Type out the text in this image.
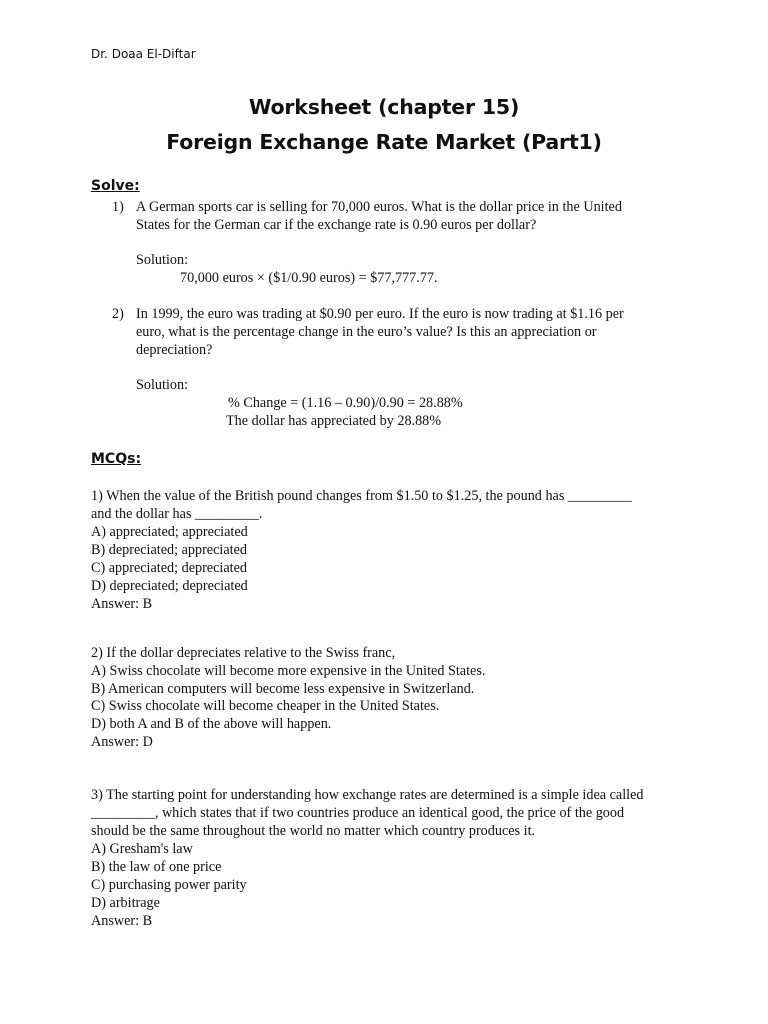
Dr. Doaa El-Diftar
Worksheet (chapter 15)
Foreign Exchange Rate Market (Part1)
Solve:
1) A German sports car is selling for 70,000 euros. What is the dollar price in the United
States for the German car if the exchange rate is 0.90 euros per dollar?
Solution:
70,000 euros × ($1/0.90 euros) = $77,777.77.
2) In 1999, the euro was trading at $0.90 per euro. If the euro is now trading at $1.16 per
euro, what is the percentage change in the euro’s value? Is this an appreciation or
depreciation?
Solution:
% Change = (1.16 – 0.90)/0.90 = 28.88%
The dollar has appreciated by 28.88%
MCQs:
1) When the value of the British pound changes from $1.50 to $1.25, the pound has _________
and the dollar has _________.
A) appreciated; appreciated
B) depreciated; appreciated
C) appreciated; depreciated
D) depreciated; depreciated
Answer: B
2) If the dollar depreciates relative to the Swiss franc,
A) Swiss chocolate will become more expensive in the United States.
B) American computers will become less expensive in Switzerland.
C) Swiss chocolate will become cheaper in the United States.
D) both A and B of the above will happen.
Answer: D
3) The starting point for understanding how exchange rates are determined is a simple idea called
_________, which states that if two countries produce an identical good, the price of the good
should be the same throughout the world no matter which country produces it.
A) Gresham's law
B) the law of one price
C) purchasing power parity
D) arbitrage
Answer: B
